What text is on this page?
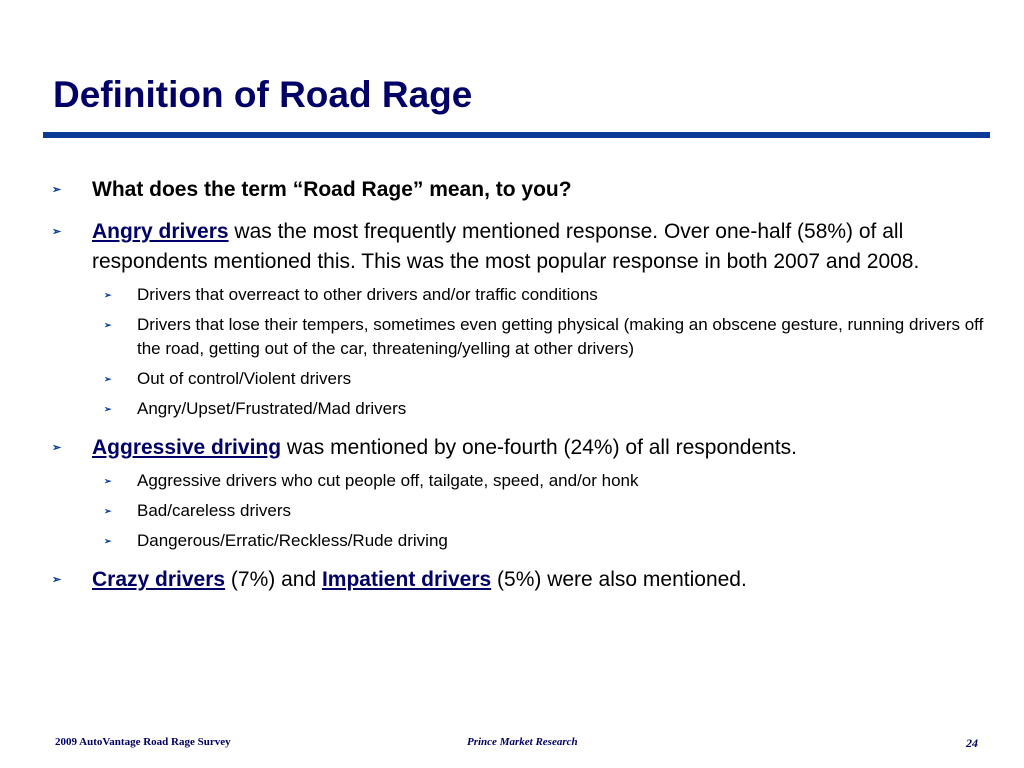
Definition of Road Rage
➢ What does the term “Road Rage” mean, to you?
➢ Angry drivers was the most frequently mentioned response. Over one-half (58%) of all respondents mentioned this. This was the most popular response in both 2007 and 2008.
➢ Drivers that overreact to other drivers and/or traffic conditions
➢ Drivers that lose their tempers, sometimes even getting physical (making an obscene gesture, running drivers off the road, getting out of the car, threatening/yelling at other drivers)
➢ Out of control/Violent drivers
➢ Angry/Upset/Frustrated/Mad drivers
➢ Aggressive driving was mentioned by one-fourth (24%) of all respondents.
➢ Aggressive drivers who cut people off, tailgate, speed, and/or honk
➢ Bad/careless drivers
➢ Dangerous/Erratic/Reckless/Rude driving
➢ Crazy drivers (7%) and Impatient drivers (5%) were also mentioned.
2009 AutoVantage Road Rage Survey	Prince Market Research	24
